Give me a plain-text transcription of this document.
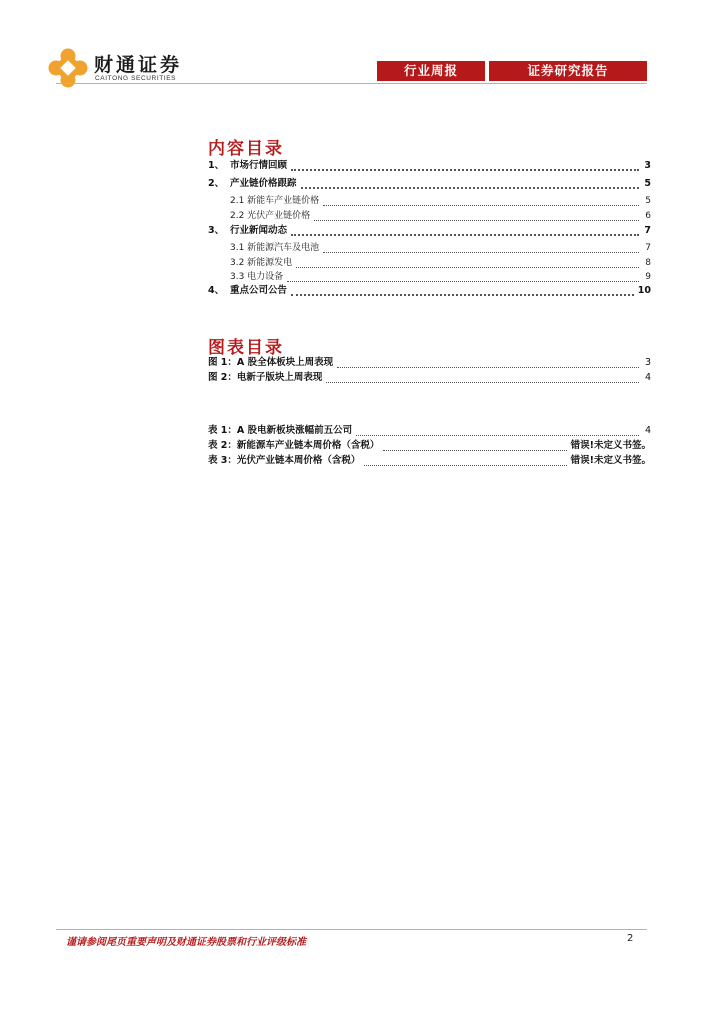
财通证券
CAITONG SECURITIES
行业周报	证券研究报告
内容目录
1、 市场行情回顾	3
2、 产业链价格跟踪	5
2.1 新能车产业链价格	5
2.2 光伏产业链价格	6
3、 行业新闻动态	7
3.1 新能源汽车及电池	7
3.2 新能源发电	8
3.3 电力设备	9
4、 重点公司公告	10
图表目录
图 1：A 股全体板块上周表现	3
图 2：电新子版块上周表现	4
表 1：A 股电新板块涨幅前五公司	4
表 2：新能源车产业链本周价格（含税）	错误!未定义书签。
表 3：光伏产业链本周价格（含税）	错误!未定义书签。
谨请参阅尾页重要声明及财通证券股票和行业评级标准	2
